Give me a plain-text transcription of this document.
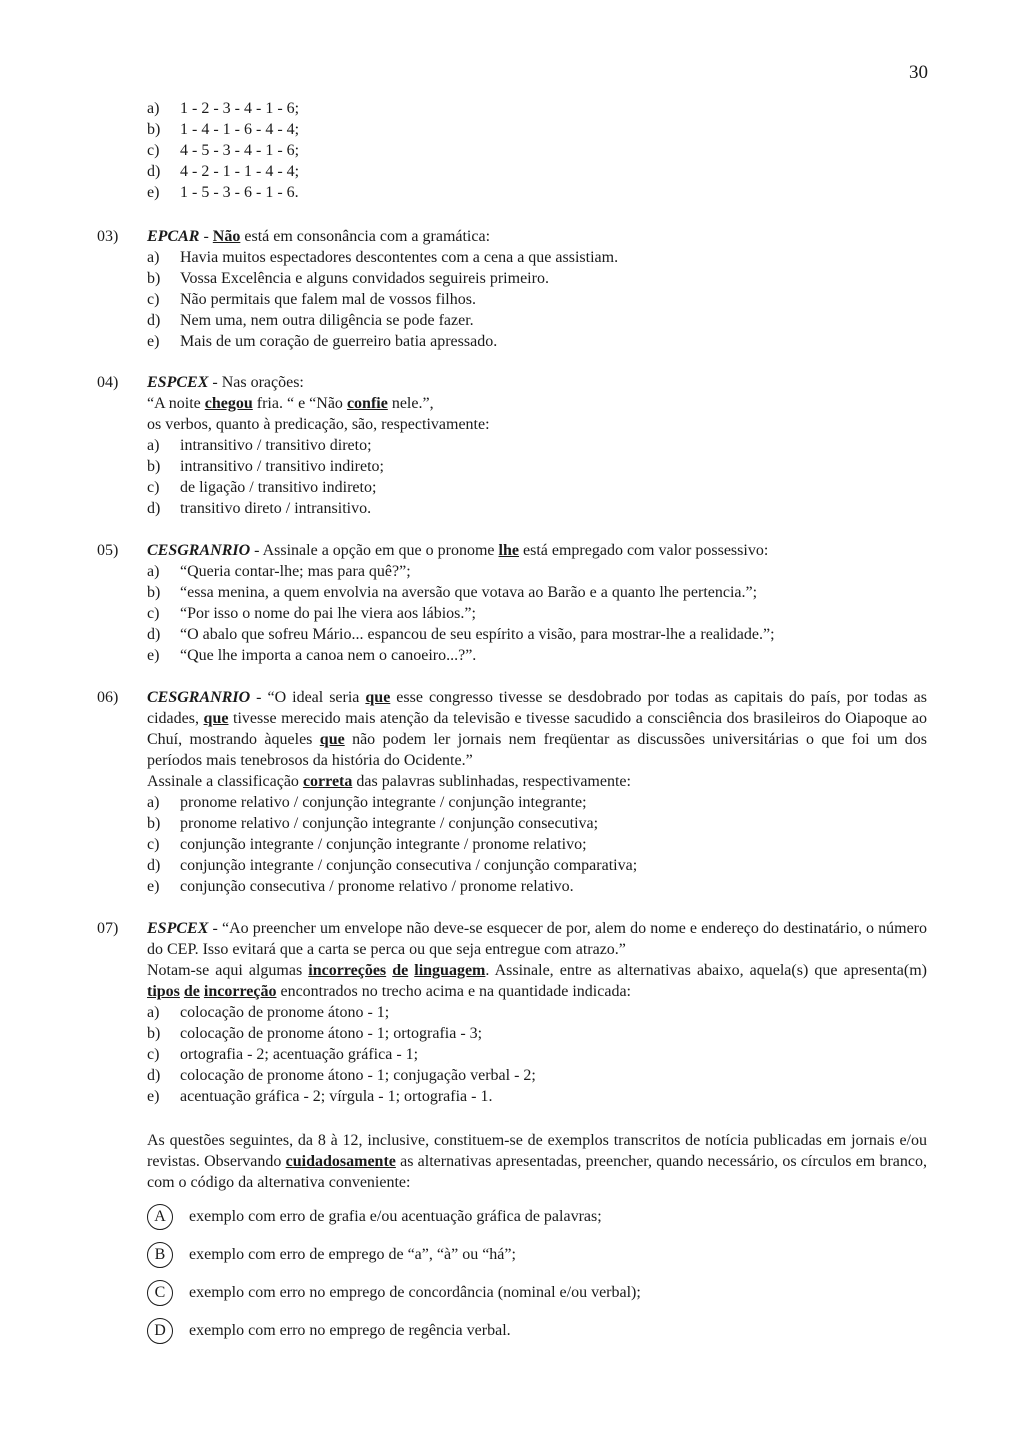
30
a)	1 - 2 - 3 - 4 - 1 - 6;
b)	1 - 4 - 1 - 6 - 4 - 4;
c)	4 - 5 - 3 - 4 - 1 - 6;
d)	4 - 2 - 1 - 1 - 4 - 4;
e)	1 - 5 - 3 - 6 - 1 - 6.
03)	EPCAR - Não está em consonância com a gramática:
a)	Havia muitos espectadores descontentes com a cena a que assistiam.
b)	Vossa Excelência e alguns convidados seguireis primeiro.
c)	Não permitais que falem mal de vossos filhos.
d)	Nem uma, nem outra diligência se pode fazer.
e)	Mais de um coração de guerreiro batia apressado.
04)	ESPCEX - Nas orações:
“A noite chegou fria. “ e “Não confie nele.”,
os verbos, quanto à predicação, são, respectivamente:
a)	intransitivo / transitivo direto;
b)	intransitivo / transitivo indireto;
c)	de ligação / transitivo indireto;
d)	transitivo direto / intransitivo.
05)	CESGRANRIO - Assinale a opção em que o pronome lhe está empregado com valor possessivo:
a)	“Queria contar-lhe; mas para quê?”;
b)	“essa menina, a quem envolvia na aversão que votava ao Barão e a quanto lhe pertencia.”;
c)	“Por isso o nome do pai lhe viera aos lábios.”;
d)	“O abalo que sofreu Mário... espancou de seu espírito a visão, para mostrar-lhe a realidade.”;
e)	“Que lhe importa a canoa nem o canoeiro...?”.
06)	CESGRANRIO - “O ideal seria que esse congresso tivesse se desdobrado por todas as capitais do país, por todas as cidades, que tivesse merecido mais atenção da televisão e tivesse sacudido a consciência dos brasileiros do Oiapoque ao Chuí, mostrando àqueles que não podem ler jornais nem freqüentar as discussões universitárias o que foi um dos períodos mais tenebrosos da história do Ocidente.”
Assinale a classificação correta das palavras sublinhadas, respectivamente:
a)	pronome relativo / conjunção integrante / conjunção integrante;
b)	pronome relativo / conjunção integrante / conjunção consecutiva;
c)	conjunção integrante / conjunção integrante / pronome relativo;
d)	conjunção integrante / conjunção consecutiva / conjunção comparativa;
e)	conjunção consecutiva / pronome relativo / pronome relativo.
07)	ESPCEX - “Ao preencher um envelope não deve-se esquecer de por, alem do nome e endereço do destinatário, o número do CEP. Isso evitará que a carta se perca ou que seja entregue com atrazo.”
Notam-se aqui algumas incorreções de linguagem. Assinale, entre as alternativas abaixo, aquela(s) que apresenta(m) tipos de incorreção encontrados no trecho acima e na quantidade indicada:
a)	colocação de pronome átono - 1;
b)	colocação de pronome átono - 1; ortografia - 3;
c)	ortografia - 2; acentuação gráfica - 1;
d)	colocação de pronome átono - 1; conjugação verbal - 2;
e)	acentuação gráfica - 2; vírgula - 1; ortografia - 1.
As questões seguintes, da 8 à 12, inclusive, constituem-se de exemplos transcritos de notícia publicadas em jornais e/ou revistas. Observando cuidadosamente as alternativas apresentadas, preencher, quando necessário, os círculos em branco, com o código da alternativa conveniente:
A	exemplo com erro de grafia e/ou acentuação gráfica de palavras;
B	exemplo com erro de emprego de “a”, “à” ou “há”;
C	exemplo com erro no emprego de concordância (nominal e/ou verbal);
D	exemplo com erro no emprego de regência verbal.
